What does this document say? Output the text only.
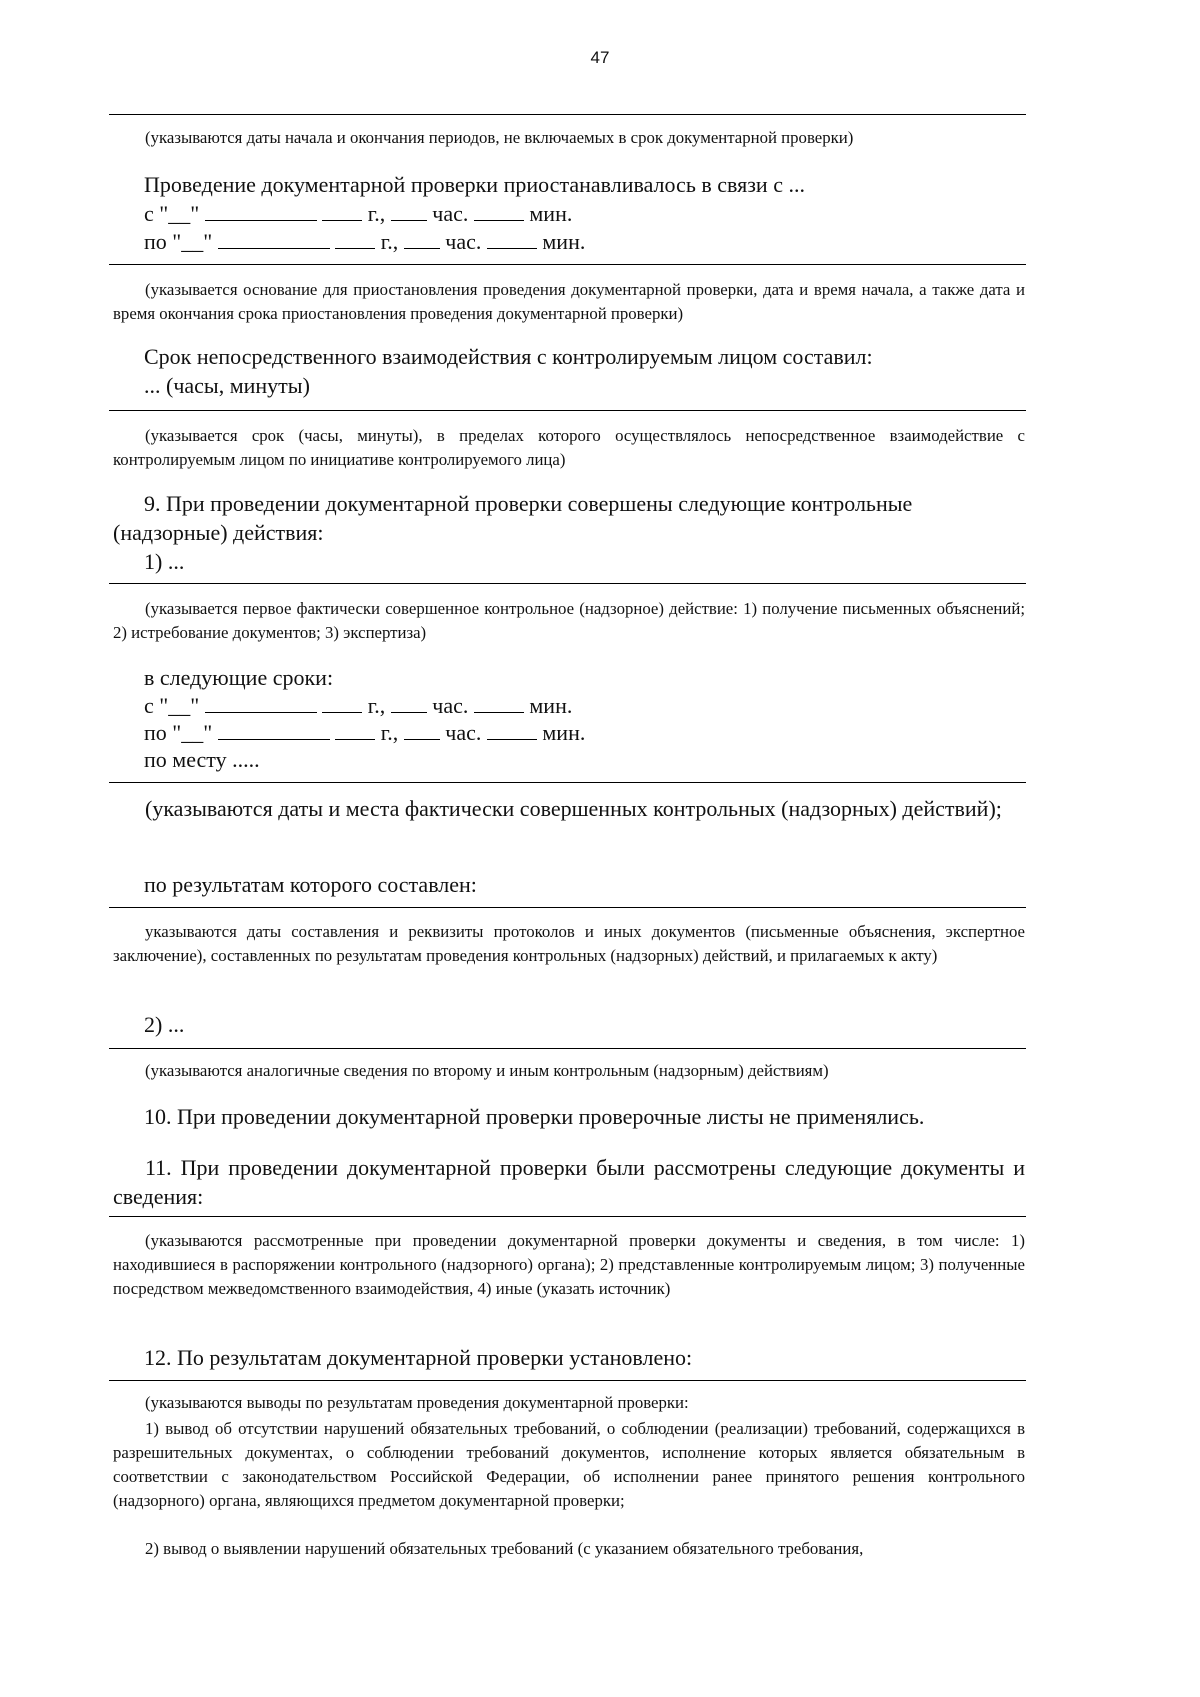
47
(указываются даты начала и окончания периодов, не включаемых в срок документарной проверки)
Проведение документарной проверки приостанавливалось в связи с ...
с "__"	г., час.	мин.
по "__"	г., час.	мин.
(указывается основание для приостановления проведения документарной проверки, дата и время начала, а также дата и время окончания срока приостановления проведения документарной проверки)
Срок непосредственного взаимодействия с контролируемым лицом составил:
... (часы, минуты)
(указывается срок (часы, минуты), в пределах которого осуществлялось непосредственное взаимодействие с контролируемым лицом по инициативе контролируемого лица)
9. При проведении документарной проверки совершены следующие контрольные
(надзорные) действия:
1) ...
(указывается первое фактически совершенное контрольное (надзорное) действие: 1) получение письменных объяснений; 2) истребование документов; 3) экспертиза)
в следующие сроки:
с "__"	г., час.	мин.
по "__"	г., час.	мин.
по месту .....
(указываются даты и места фактически совершенных контрольных (надзорных) действий);
по результатам которого составлен:
указываются даты составления и реквизиты протоколов и иных документов (письменные объяснения, экспертное заключение), составленных по результатам проведения контрольных (надзорных) действий, и прилагаемых к акту)
2) ...
(указываются аналогичные сведения по второму и иным контрольным (надзорным) действиям)
10. При проведении документарной проверки проверочные листы не применялись.
11. При проведении документарной проверки были рассмотрены следующие документы и сведения:
(указываются рассмотренные при проведении документарной проверки документы и сведения, в том числе: 1) находившиеся в распоряжении контрольного (надзорного) органа); 2) представленные контролируемым лицом; 3) полученные посредством межведомственного взаимодействия, 4) иные (указать источник)
12. По результатам документарной проверки установлено:
(указываются выводы по результатам проведения документарной проверки:
1) вывод об отсутствии нарушений обязательных требований, о соблюдении (реализации) требований, содержащихся в разрешительных документах, о соблюдении требований документов, исполнение которых является обязательным в соответствии с законодательством Российской Федерации, об исполнении ранее принятого решения контрольного (надзорного) органа, являющихся предметом документарной проверки;
2) вывод о выявлении нарушений обязательных требований (с указанием обязательного требования,
